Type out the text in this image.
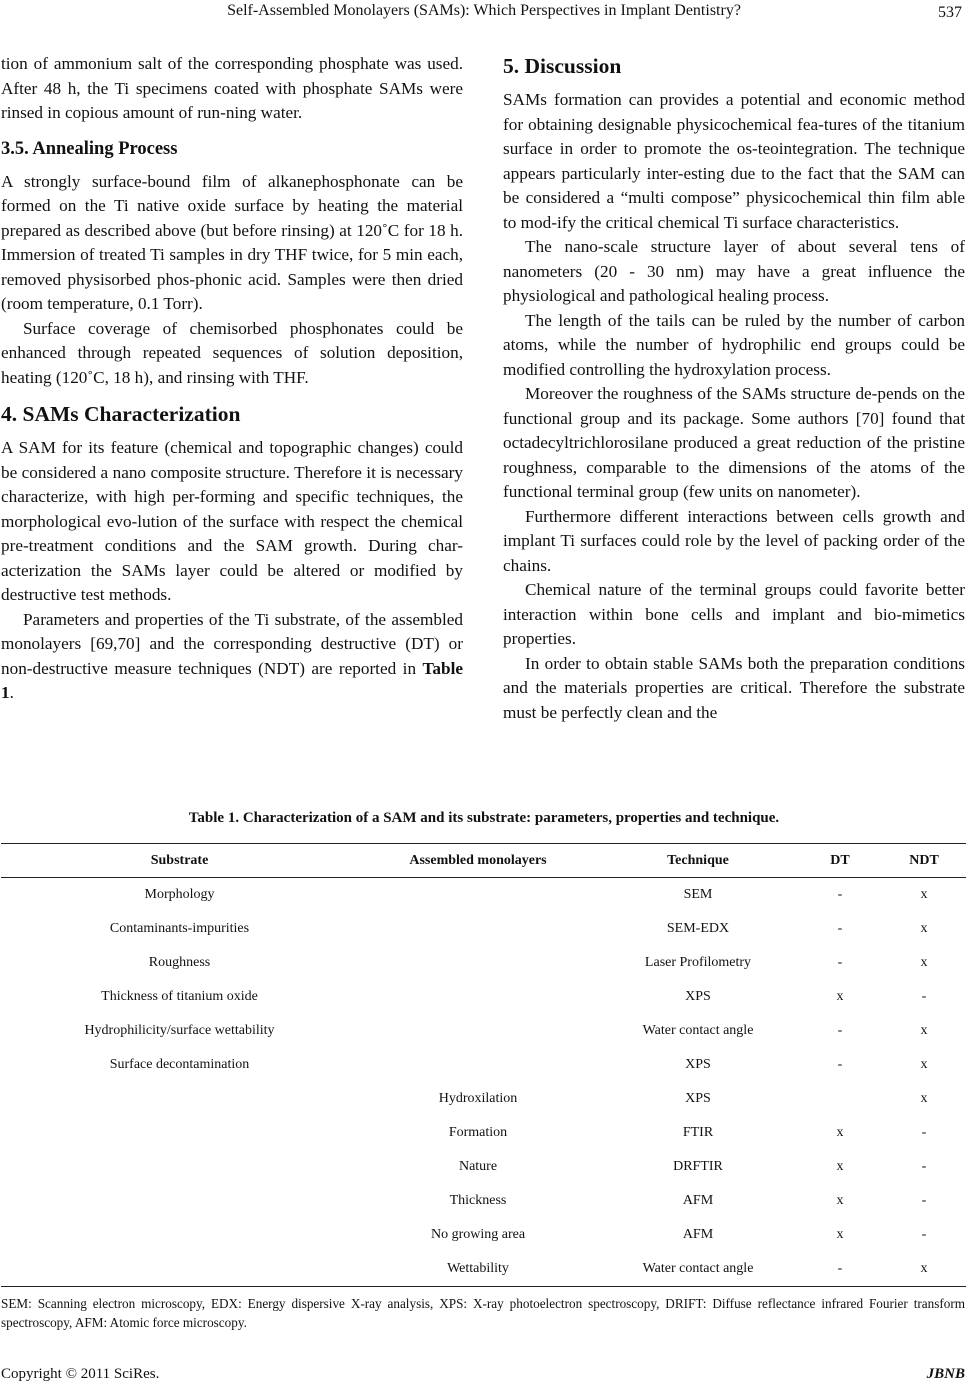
Self-Assembled Monolayers (SAMs): Which Perspectives in Implant Dentistry?	537

tion of ammonium salt of the corresponding phosphate was used. After 48 h, the Ti specimens coated with phosphate SAMs were rinsed in copious amount of run-ning water.

3.5. Annealing Process

A strongly surface-bound film of alkanephosphonate can be formed on the Ti native oxide surface by heating the material prepared as described above (but before rinsing) at 120˚C for 18 h. Immersion of treated Ti samples in dry THF twice, for 5 min each, removed physisorbed phos-phonic acid. Samples were then dried (room temperature, 0.1 Torr).

Surface coverage of chemisorbed phosphonates could be enhanced through repeated sequences of solution deposition, heating (120˚C, 18 h), and rinsing with THF.

4. SAMs Characterization

A SAM for its feature (chemical and topographic changes) could be considered a nano composite structure. Therefore it is necessary characterize, with high per-forming and specific techniques, the morphological evo-lution of the surface with respect the chemical pre-treatment conditions and the SAM growth. During char-acterization the SAMs layer could be altered or modified by destructive test methods.

Parameters and properties of the Ti substrate, of the assembled monolayers [69,70] and the corresponding destructive (DT) or non-destructive measure techniques (NDT) are reported in Table 1.

5. Discussion

SAMs formation can provides a potential and economic method for obtaining designable physicochemical fea-tures of the titanium surface in order to promote the os-teointegration. The technique appears particularly inter-esting due to the fact that the SAM can be considered a “multi compose” physicochemical thin film able to mod-ify the critical chemical Ti surface characteristics.

The nano-scale structure layer of about several tens of nanometers (20 - 30 nm) may have a great influence the physiological and pathological healing process.

The length of the tails can be ruled by the number of carbon atoms, while the number of hydrophilic end groups could be modified controlling the hydroxylation process.

Moreover the roughness of the SAMs structure de-pends on the functional group and its package. Some authors [70] found that octadecyltrichlorosilane produced a great reduction of the pristine roughness, comparable to the dimensions of the atoms of the functional terminal group (few units on nanometer).

Furthermore different interactions between cells growth and implant Ti surfaces could role by the level of packing order of the chains.

Chemical nature of the terminal groups could favorite better interaction within bone cells and implant and bio-mimetics properties.

In order to obtain stable SAMs both the preparation conditions and the materials properties are critical. Therefore the substrate must be perfectly clean and the

Table 1. Characterization of a SAM and its substrate: parameters, properties and technique.
Substrate	Assembled monolayers	Technique	DT	NDT
Morphology		SEM	-	x
Contaminants-impurities		SEM-EDX	-	x
Roughness		Laser Profilometry	-	x
Thickness of titanium oxide		XPS	x	-
Hydrophilicity/surface wettability		Water contact angle	-	x
Surface decontamination		XPS	-	x
	Hydroxilation	XPS		x
	Formation	FTIR	x	-
	Nature	DRFTIR	x	-
	Thickness	AFM	x	-
	No growing area	AFM	x	-
	Wettability	Water contact angle	-	x
SEM: Scanning electron microscopy, EDX: Energy dispersive X-ray analysis, XPS: X-ray photoelectron spectroscopy, DRIFT: Diffuse reflectance infrared Fourier transform spectroscopy, AFM: Atomic force microscopy.
Copyright © 2011 SciRes.	JBNB
